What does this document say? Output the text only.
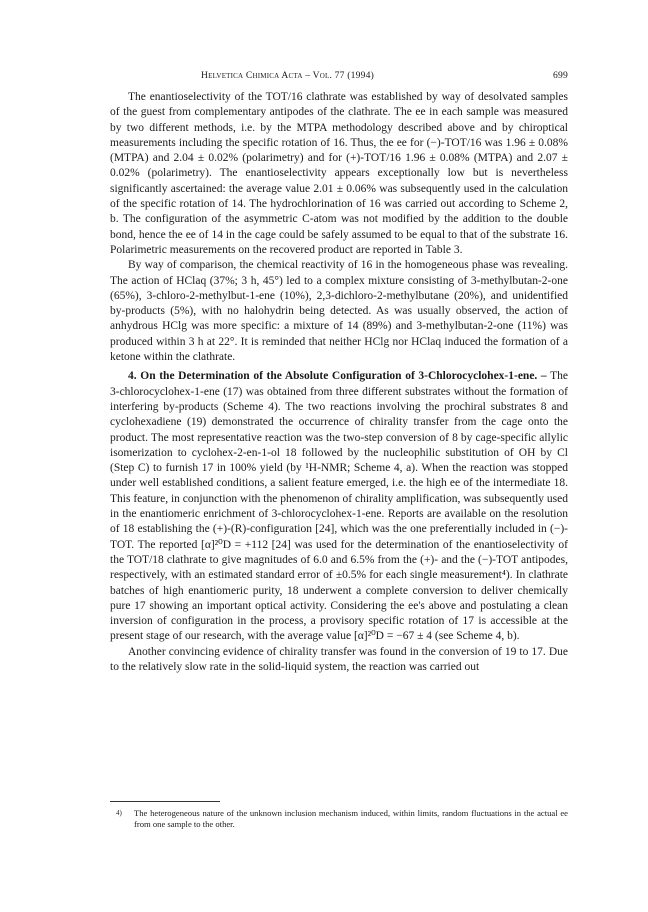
Helvetica Chimica Acta – Vol. 77 (1994)	699

The enantioselectivity of the TOT/16 clathrate was established by way of desolvated samples of the guest from complementary antipodes of the clathrate. The ee in each sample was measured by two different methods, i.e. by the MTPA methodology described above and by chiroptical measurements including the specific rotation of 16. Thus, the ee for (−)-TOT/16 was 1.96 ± 0.08% (MTPA) and 2.04 ± 0.02% (polarimetry) and for (+)-TOT/16 1.96 ± 0.08% (MTPA) and 2.07 ± 0.02% (polarimetry). The enantioselectivity appears exceptionally low but is nevertheless significantly ascertained: the average value 2.01 ± 0.06% was subsequently used in the calculation of the specific rotation of 14. The hydrochlorination of 16 was carried out according to Scheme 2, b. The configuration of the asymmetric C-atom was not modified by the addition to the double bond, hence the ee of 14 in the cage could be safely assumed to be equal to that of the substrate 16. Polarimetric measurements on the recovered product are reported in Table 3.

By way of comparison, the chemical reactivity of 16 in the homogeneous phase was revealing. The action of HClaq (37%; 3 h, 45°) led to a complex mixture consisting of 3-methylbutan-2-one (65%), 3-chloro-2-methylbut-1-ene (10%), 2,3-dichloro-2-methylbutane (20%), and unidentified by-products (5%), with no halohydrin being detected. As was usually observed, the action of anhydrous HClg was more specific: a mixture of 14 (89%) and 3-methylbutan-2-one (11%) was produced within 3 h at 22°. It is reminded that neither HClg nor HClaq induced the formation of a ketone within the clathrate.

4. On the Determination of the Absolute Configuration of 3-Chlorocyclohex-1-ene. – The 3-chlorocyclohex-1-ene (17) was obtained from three different substrates without the formation of interfering by-products (Scheme 4). The two reactions involving the prochiral substrates 8 and cyclohexadiene (19) demonstrated the occurrence of chirality transfer from the cage onto the product. The most representative reaction was the two-step conversion of 8 by cage-specific allylic isomerization to cyclohex-2-en-1-ol 18 followed by the nucleophilic substitution of OH by Cl (Step C) to furnish 17 in 100% yield (by ¹H-NMR; Scheme 4, a). When the reaction was stopped under well established conditions, a salient feature emerged, i.e. the high ee of the intermediate 18. This feature, in conjunction with the phenomenon of chirality amplification, was subsequently used in the enantiomeric enrichment of 3-chlorocyclohex-1-ene. Reports are available on the resolution of 18 establishing the (+)-(R)-configuration [24], which was the one preferentially included in (−)-TOT. The reported [α]²⁰D = +112 [24] was used for the determination of the enantioselectivity of the TOT/18 clathrate to give magnitudes of 6.0 and 6.5% from the (+)- and the (−)-TOT antipodes, respectively, with an estimated standard error of ±0.5% for each single measurement⁴). In clathrate batches of high enantiomeric purity, 18 underwent a complete conversion to deliver chemically pure 17 showing an important optical activity. Considering the ee's above and postulating a clean inversion of configuration in the process, a provisory specific rotation of 17 is accessible at the present stage of our research, with the average value [α]²⁰D = −67 ± 4 (see Scheme 4, b).

Another convincing evidence of chirality transfer was found in the conversion of 19 to 17. Due to the relatively slow rate in the solid-liquid system, the reaction was carried out

4) The heterogeneous nature of the unknown inclusion mechanism induced, within limits, random fluctuations in the actual ee from one sample to the other.
